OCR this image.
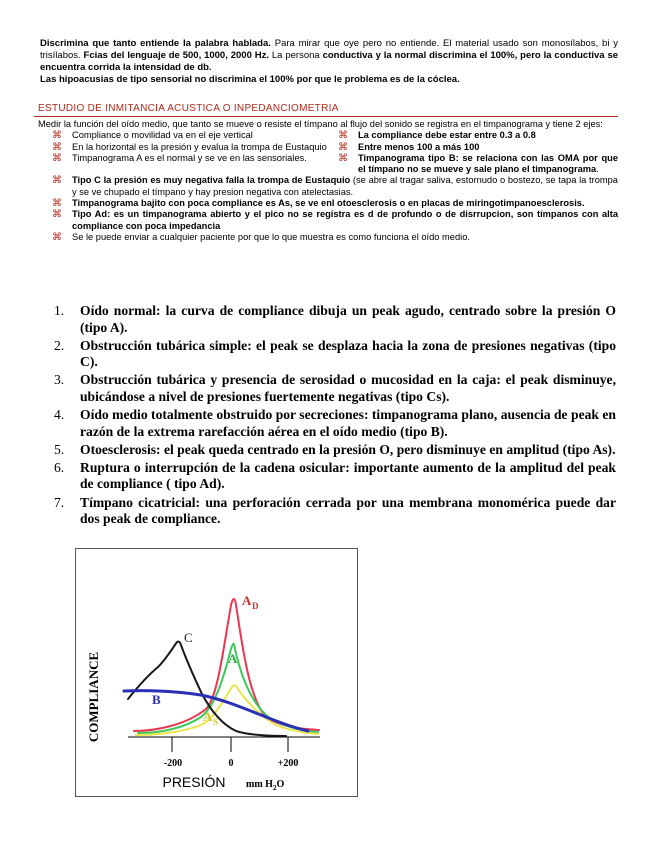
Discrimina que tanto entiende la palabra hablada. Para mirar que oye pero no entiende. El material usado son monosílabos, bi y trisílabos. Fcias del lenguaje de 500, 1000, 2000 Hz. La persona conductiva y la normal discrimina el 100%, pero la conductiva se encuentra corrida la intensidad de db.

Las hipoacusias de tipo sensorial no discrimina el 100% por que le problema es de la cóclea.

ESTUDIO DE INMITANCIA ACUSTICA O INPEDANCIOMETRIA
Medir la función del oído medio, que tanto se mueve o resiste el tímpano al flujo del sonido se registra en el timpanograma y tiene 2 ejes:
⌘ Compliance o movilidad va en el eje vertical
⌘ En la horizontal es la presión y evalua la trompa de Eustaquio
⌘ Timpanograma A es el normal y se ve en las sensoriales.
⌘ La compliance debe estar entre 0.3 a 0.8
⌘ Entre menos 100 a más 100
⌘ Timpanograma tipo B: se relaciona con las OMA por que el tímpano no se mueve y sale plano el timpanograma.
⌘ Tipo C la presión es muy negativa falla la trompa de Eustaquio (se abre al tragar saliva, estornudo o bostezo, se tapa la trompa y se ve chupado el tímpano y hay presion negativa con atelectasias.
⌘ Timpanograma bajito con poca compliance es As, se ve enl otoesclerosis o en placas de miringotimpanoesclerosis.
⌘ Tipo Ad: es un timpanograma abierto y el pico no se registra es d de profundo o de disrrupcion, son tímpanos con alta compliance con poca impedancia
⌘ Se le puede enviar a cualquier paciente por que lo que muestra es como funciona el oído medio.
1. Oído normal: la curva de compliance dibuja un peak agudo, centrado sobre la presión O (tipo A).
2. Obstrucción tubárica simple: el peak se desplaza hacia la zona de presiones negativas (tipo C).
3. Obstrucción tubárica y presencia de serosidad o mucosidad en la caja: el peak disminuye, ubicándose a nivel de presiones fuertemente negativas (tipo Cs).
4. Oído medio totalmente obstruido por secreciones: timpanograma plano, ausencia de peak en razón de la extrema rarefacción aérea en el oído medio (tipo B).
5. Otoesclerosis: el peak queda centrado en la presión O, pero disminuye en amplitud (tipo As).
6. Ruptura o interrupción de la cadena osicular: importante aumento de la amplitud del peak de compliance ( tipo Ad).
7. Tímpano cicatricial: una perforación cerrada por una membrana monomérica puede dar dos peak de compliance.
COMPLIANCE
C
A D
A
B
A S
-200	0	+200
PRESIÓN mm $H_2O$
